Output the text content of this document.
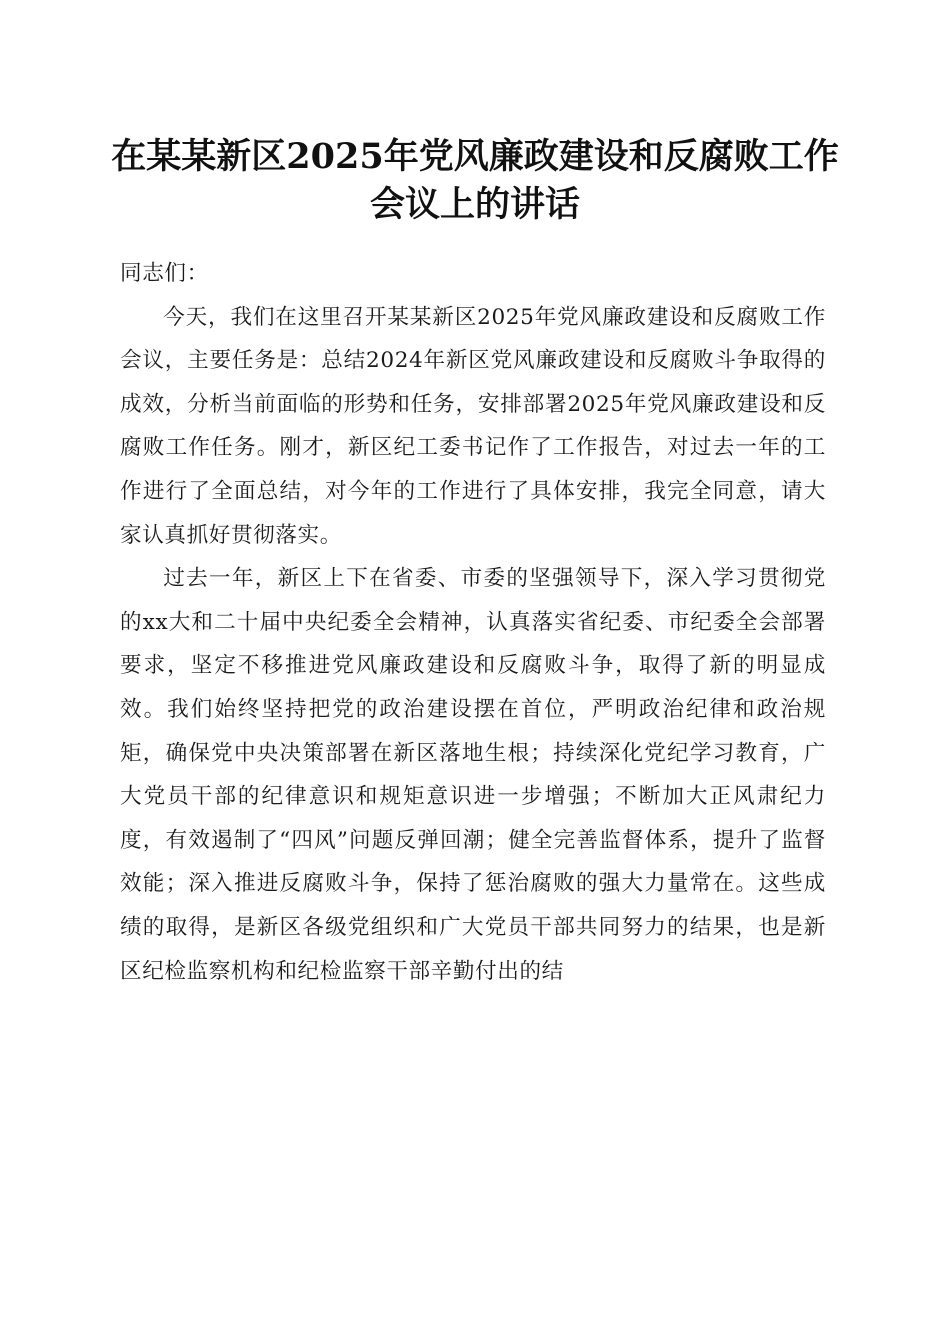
在某某新区2025年党风廉政建设和反腐败工作会议上的讲话

同志们：

今天，我们在这里召开某某新区2025年党风廉政建设和反腐败工作会议，主要任务是：总结2024年新区党风廉政建设和反腐败斗争取得的成效，分析当前面临的形势和任务，安排部署2025年党风廉政建设和反腐败工作任务。刚才，新区纪工委书记作了工作报告，对过去一年的工作进行了全面总结，对今年的工作进行了具体安排，我完全同意，请大家认真抓好贯彻落实。

过去一年，新区上下在省委、市委的坚强领导下，深入学习贯彻党的xx大和二十届中央纪委全会精神，认真落实省纪委、市纪委全会部署要求，坚定不移推进党风廉政建设和反腐败斗争，取得了新的明显成效。我们始终坚持把党的政治建设摆在首位，严明政治纪律和政治规矩，确保党中央决策部署在新区落地生根；持续深化党纪学习教育，广大党员干部的纪律意识和规矩意识进一步增强；不断加大正风肃纪力度，有效遏制了“四风”问题反弹回潮；健全完善监督体系，提升了监督效能；深入推进反腐败斗争，保持了惩治腐败的强大力量常在。这些成绩的取得，是新区各级党组织和广大党员干部共同努力的结果，也是新区纪检监察机构和纪检监察干部辛勤付出的结
